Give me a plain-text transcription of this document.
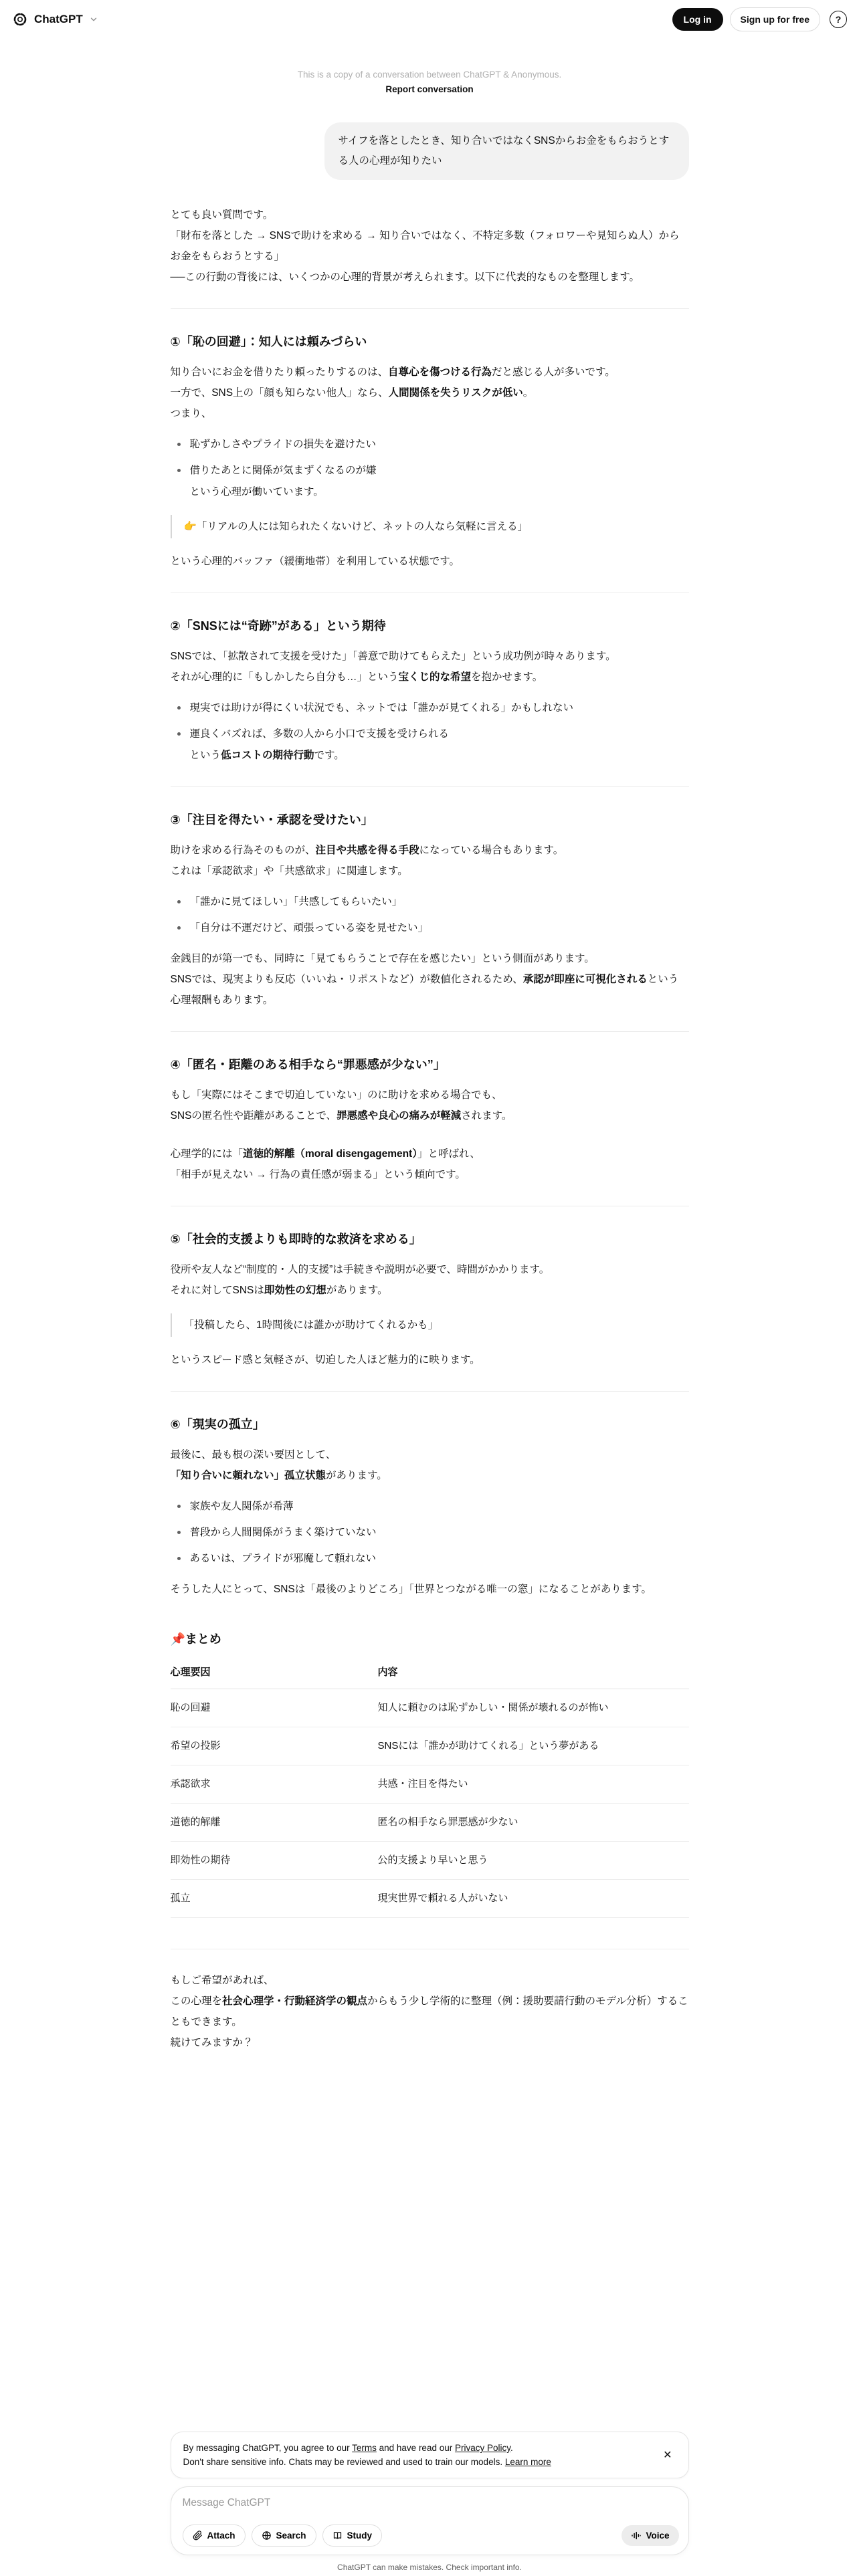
ChatGPT	Log in	Sign up for free	?
This is a copy of a conversation between ChatGPT & Anonymous.
Report conversation
サイフを落としたとき、知り合いではなくSNSからお金をもらおうとする人の心理が知りたい
とても良い質問です。
「財布を落とした → SNSで助けを求める → 知り合いではなく、不特定多数（フォロワーや見知らぬ人）からお金をもらおうとする」
──この行動の背後には、いくつかの心理的背景が考えられます。以下に代表的なものを整理します。
①「恥の回避」：知人には頼みづらい
知り合いにお金を借りたり頼ったりするのは、自尊心を傷つける行為だと感じる人が多いです。
一方で、SNS上の「顔も知らない他人」なら、人間関係を失うリスクが低い。
つまり、
恥ずかしさやプライドの損失を避けたい
借りたあとに関係が気まずくなるのが嫌
という心理が働いています。
👉「リアルの人には知られたくないけど、ネットの人なら気軽に言える」
という心理的バッファ（緩衝地帯）を利用している状態です。
②「SNSには“奇跡”がある」という期待
SNSでは、「拡散されて支援を受けた」「善意で助けてもらえた」という成功例が時々あります。
それが心理的に「もしかしたら自分も…」という宝くじ的な希望を抱かせます。
現実では助けが得にくい状況でも、ネットでは「誰かが見てくれる」かもしれない
運良くバズれば、多数の人から小口で支援を受けられる
という低コストの期待行動です。
③「注目を得たい・承認を受けたい」
助けを求める行為そのものが、注目や共感を得る手段になっている場合もあります。
これは「承認欲求」や「共感欲求」に関連します。
「誰かに見てほしい」「共感してもらいたい」
「自分は不運だけど、頑張っている姿を見せたい」
金銭目的が第一でも、同時に「見てもらうことで存在を感じたい」という側面があります。
SNSでは、現実よりも反応（いいね・リポストなど）が数値化されるため、承認が即座に可視化されるという心理報酬もあります。
④「匿名・距離のある相手なら“罪悪感が少ない”」
もし「実際にはそこまで切迫していない」のに助けを求める場合でも、
SNSの匿名性や距離があることで、罪悪感や良心の痛みが軽減されます。
心理学的には「道徳的解離（moral disengagement）」と呼ばれ、
「相手が見えない → 行為の責任感が弱まる」という傾向です。
⑤「社会的支援よりも即時的な救済を求める」
役所や友人など“制度的・人的支援”は手続きや説明が必要で、時間がかかります。
それに対してSNSは即効性の幻想があります。
「投稿したら、1時間後には誰かが助けてくれるかも」
というスピード感と気軽さが、切迫した人ほど魅力的に映ります。
⑥「現実の孤立」
最後に、最も根の深い要因として、
「知り合いに頼れない」孤立状態があります。
家族や友人関係が希薄
普段から人間関係がうまく築けていない
あるいは、プライドが邪魔して頼れない
そうした人にとって、SNSは「最後のよりどころ」「世界とつながる唯一の窓」になることがあります。
📌まとめ
心理要因	内容
恥の回避	知人に頼むのは恥ずかしい・関係が壊れるのが怖い
希望の投影	SNSには「誰かが助けてくれる」という夢がある
承認欲求	共感・注目を得たい
道徳的解離	匿名の相手なら罪悪感が少ない
即効性の期待	公的支援より早いと思う
孤立	現実世界で頼れる人がいない
もしご希望があれば、
この心理を社会心理学・行動経済学の観点からもう少し学術的に整理（例：援助要請行動のモデル分析）することもできます。
続けてみますか？
By messaging ChatGPT, you agree to our Terms and have read our Privacy Policy.
Don't share sensitive info. Chats may be reviewed and used to train our models. Learn more
✕
Message ChatGPT
Attach	Search	Study	Voice
ChatGPT can make mistakes. Check important info.
